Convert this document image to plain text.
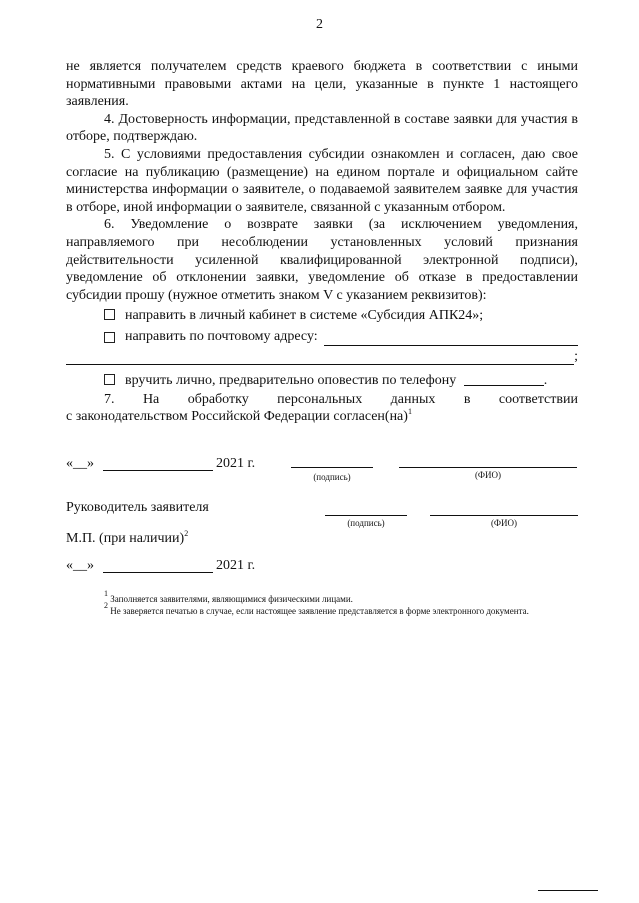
2

не является получателем средств краевого бюджета в соответствии с иными нормативными правовыми актами на цели, указанные в пункте 1 настоящего заявления.

4. Достоверность информации, представленной в составе заявки для участия в отборе, подтверждаю.

5. С условиями предоставления субсидии ознакомлен и согласен, даю свое согласие на публикацию (размещение) на едином портале и официальном сайте министерства информации о заявителе, о подаваемой заявителем заявке для участия в отборе, иной информации о заявителе, связанной с указанным отбором.

6. Уведомление о возврате заявки (за исключением уведомления, направляемого при несоблюдении установленных условий признания действительности усиленной квалифицированной электронной подписи), уведомление об отклонении заявки, уведомление об отказе в предоставлении субсидии прошу (нужное отметить знаком V с указанием реквизитов):

направить в личный кабинет в системе «Субсидия АПК24»;
направить по почтовому адресу:
;
вручить лично, предварительно оповестив по телефону	.

7. На обработку персональных данных в соответствии

с законодательством Российской Федерации согласен(на)$^1$

«__»	2021 г.
(подпись)	(ФИО)
Руководитель заявителя
(подпись)	(ФИО)
М.П. (при наличии)$^2$
«__»	2021 г.
$^1$ Заполняется заявителями, являющимися физическими лицами.
$^2$ Не заверяется печатью в случае, если настоящее заявление представляется в форме электронного документа.
